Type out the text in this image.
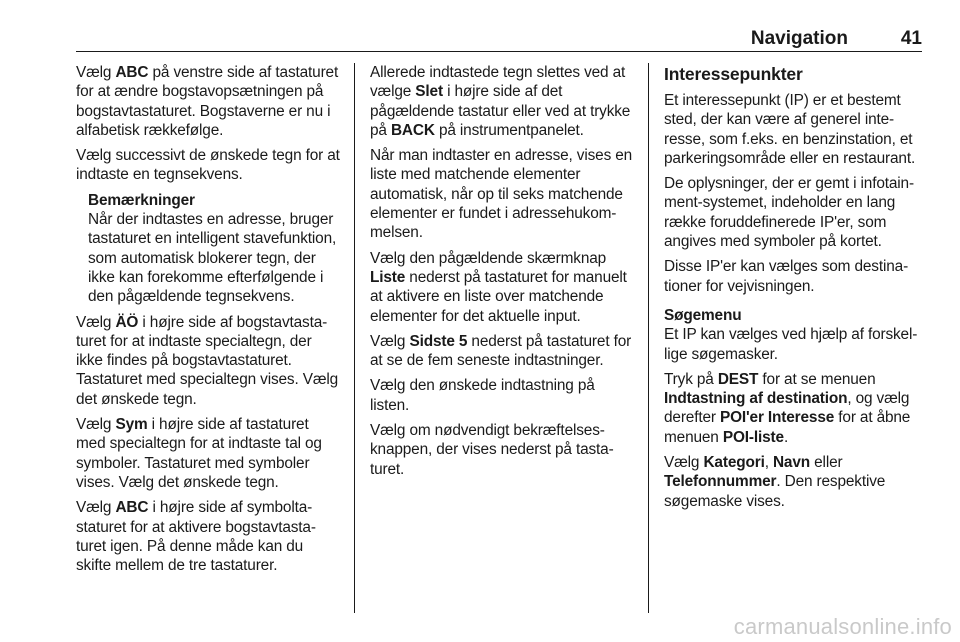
Navigation	41

Vælg ABC på venstre side af tastaturet for at ændre bogstavopsætningen på bogstavtastaturet. Bogstaverne er nu i alfabetisk rækkefølge.

Vælg successivt de ønskede tegn for at indtaste en tegnsekvens.

Bemærkninger
Når der indtastes en adresse, bruger tastaturet en intelligent stavefunktion, som automatisk blokerer tegn, der ikke kan forekomme efterfølgende i den pågældende tegnsekvens.

Vælg ÄÖ i højre side af bogstavtastaturet for at indtaste specialtegn, der ikke findes på bogstavtastaturet. Tastaturet med specialtegn vises. Vælg det ønskede tegn.

Vælg Sym i højre side af tastaturet med specialtegn for at indtaste tal og symboler. Tastaturet med symboler vises. Vælg det ønskede tegn.

Vælg ABC i højre side af symboltastaturet for at aktivere bogstavtastaturet igen. På denne måde kan du skifte mellem de tre tastaturer.

Allerede indtastede tegn slettes ved at vælge Slet i højre side af det pågældende tastatur eller ved at trykke på BACK på instrumentpanelet.

Når man indtaster en adresse, vises en liste med matchende elementer automatisk, når op til seks matchende elementer er fundet i adressehukommelsen.

Vælg den pågældende skærmknap Liste nederst på tastaturet for manuelt at aktivere en liste over matchende elementer for det aktuelle input.

Vælg Sidste 5 nederst på tastaturet for at se de fem seneste indtastninger.

Vælg den ønskede indtastning på listen.

Vælg om nødvendigt bekræftelsesknappen, der vises nederst på tastaturet.

Interessepunkter

Et interessepunkt (IP) er et bestemt sted, der kan være af generel interesse, som f.eks. en benzinstation, et parkeringsområde eller en restaurant.

De oplysninger, der er gemt i infotainment-systemet, indeholder en lang række foruddefinerede IP'er, som angives med symboler på kortet.

Disse IP'er kan vælges som destinationer for vejvisningen.

Søgemenu

Et IP kan vælges ved hjælp af forskellige søgemasker.

Tryk på DEST for at se menuen Indtastning af destination, og vælg derefter POI'er Interesse for at åbne menuen POI-liste.

Vælg Kategori, Navn eller Telefonnummer. Den respektive søgemaske vises.

carmanualsonline.info
